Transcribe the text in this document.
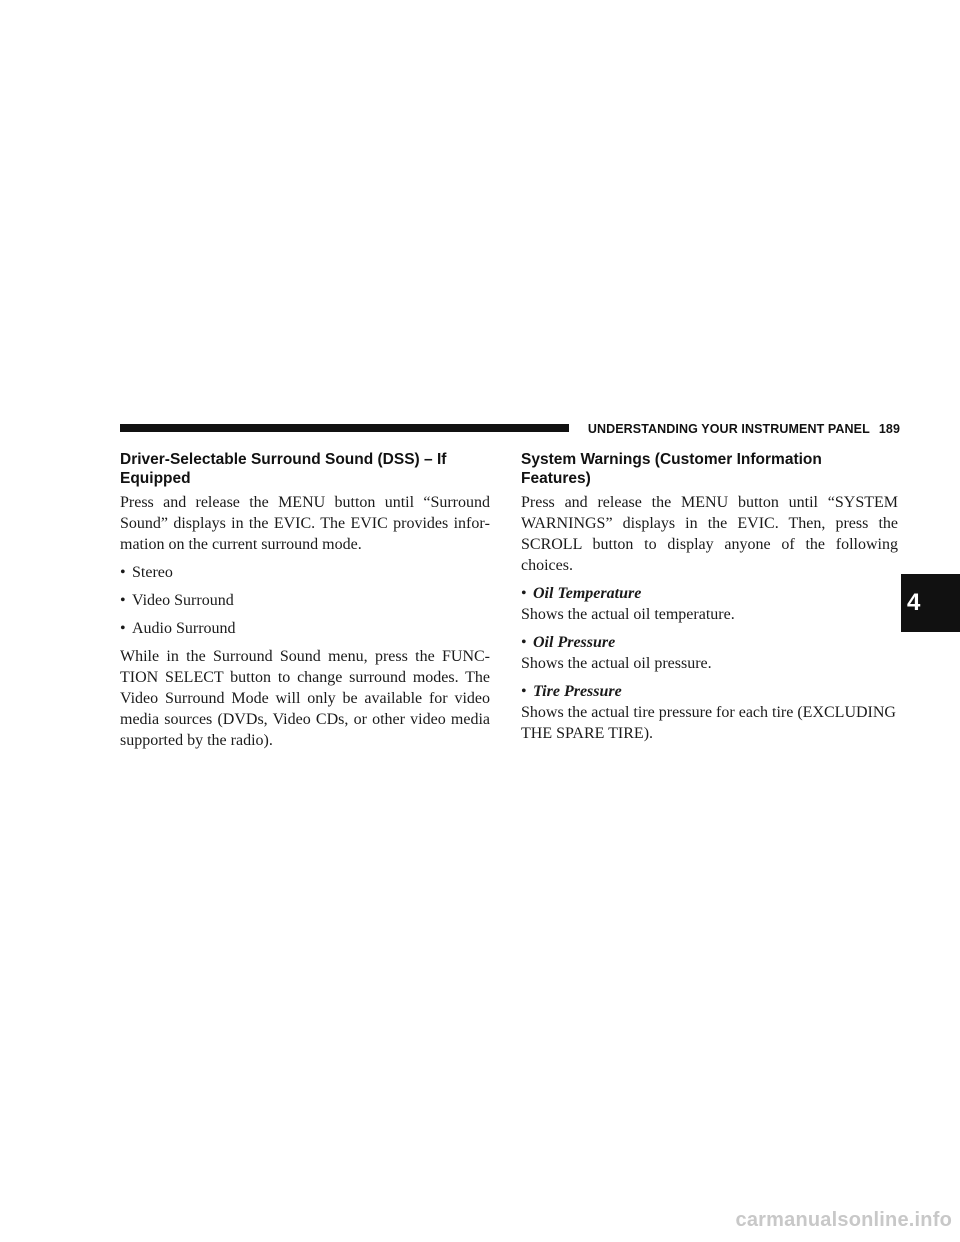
UNDERSTANDING YOUR INSTRUMENT PANEL 189
4
Driver-Selectable Surround Sound (DSS) – If
Equipped

Press and release the MENU button until “Surround Sound” displays in the EVIC. The EVIC provides information on the current surround mode.

• Stereo
• Video Surround
• Audio Surround

While in the Surround Sound menu, press the FUNCTION SELECT button to change surround modes. The Video Surround Mode will only be available for video media sources (DVDs, Video CDs, or other video media supported by the radio).

System Warnings (Customer Information
Features)

Press and release the MENU button until “SYSTEM WARNINGS” displays in the EVIC. Then, press the SCROLL button to display anyone of the following choices.

• Oil Temperature

Shows the actual oil temperature.

• Oil Pressure

Shows the actual oil pressure.

• Tire Pressure

Shows the actual tire pressure for each tire (EXCLUDING THE SPARE TIRE).

carmanualsonline.info
